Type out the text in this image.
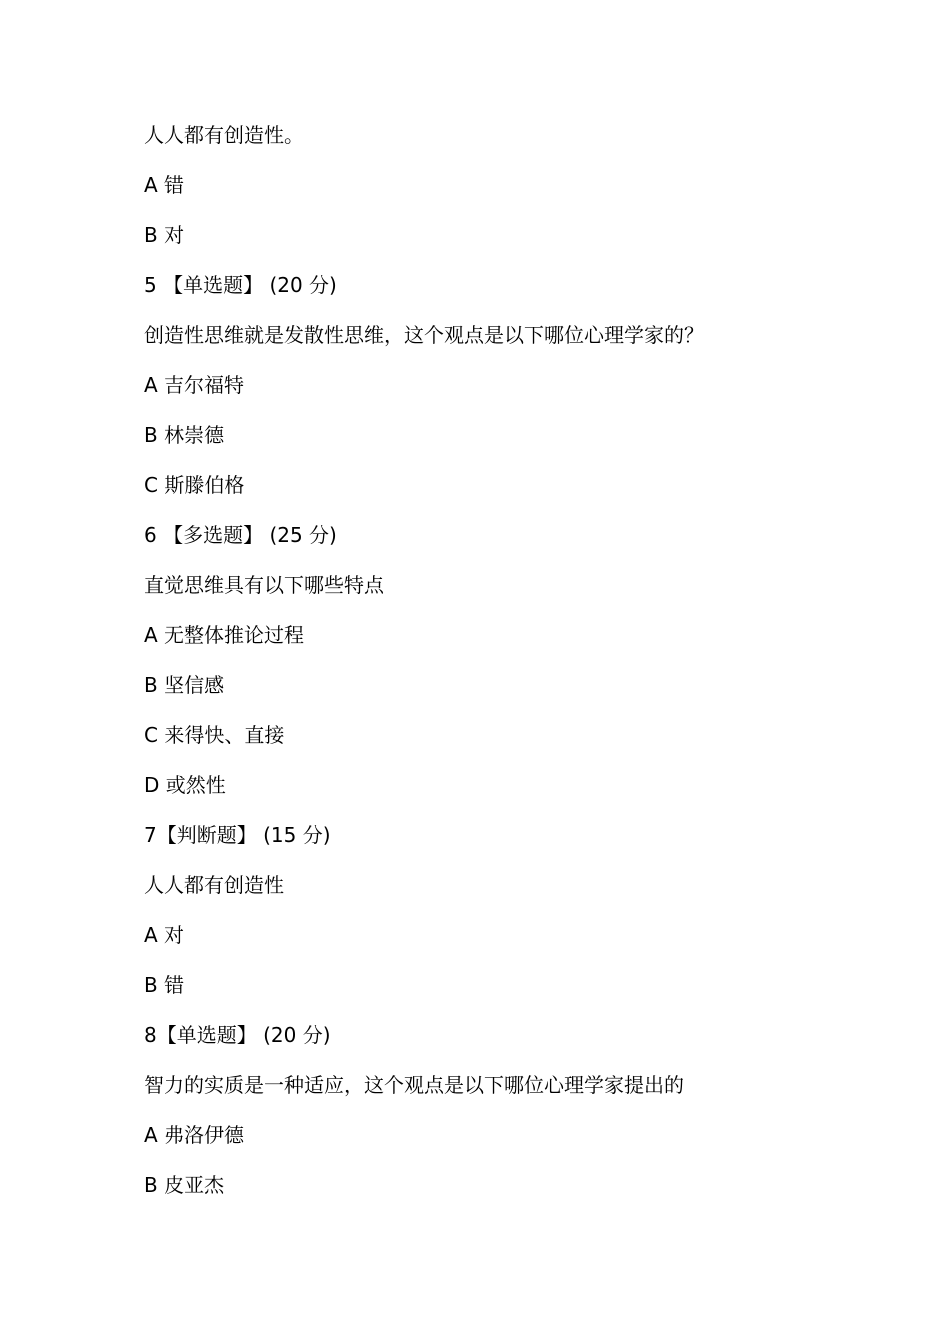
人人都有创造性。
A 错
B 对
5 【单选题】 (20 分)
创造性思维就是发散性思维，这个观点是以下哪位心理学家的？
A 吉尔福特
B 林崇德
C 斯滕伯格
6 【多选题】 (25 分)
直觉思维具有以下哪些特点
A 无整体推论过程
B 坚信感
C 来得快、直接
D 或然性
7【判断题】 (15 分)
人人都有创造性
A 对
B 错
8【单选题】 (20 分)
智力的实质是一种适应，这个观点是以下哪位心理学家提出的
A 弗洛伊德
B 皮亚杰
